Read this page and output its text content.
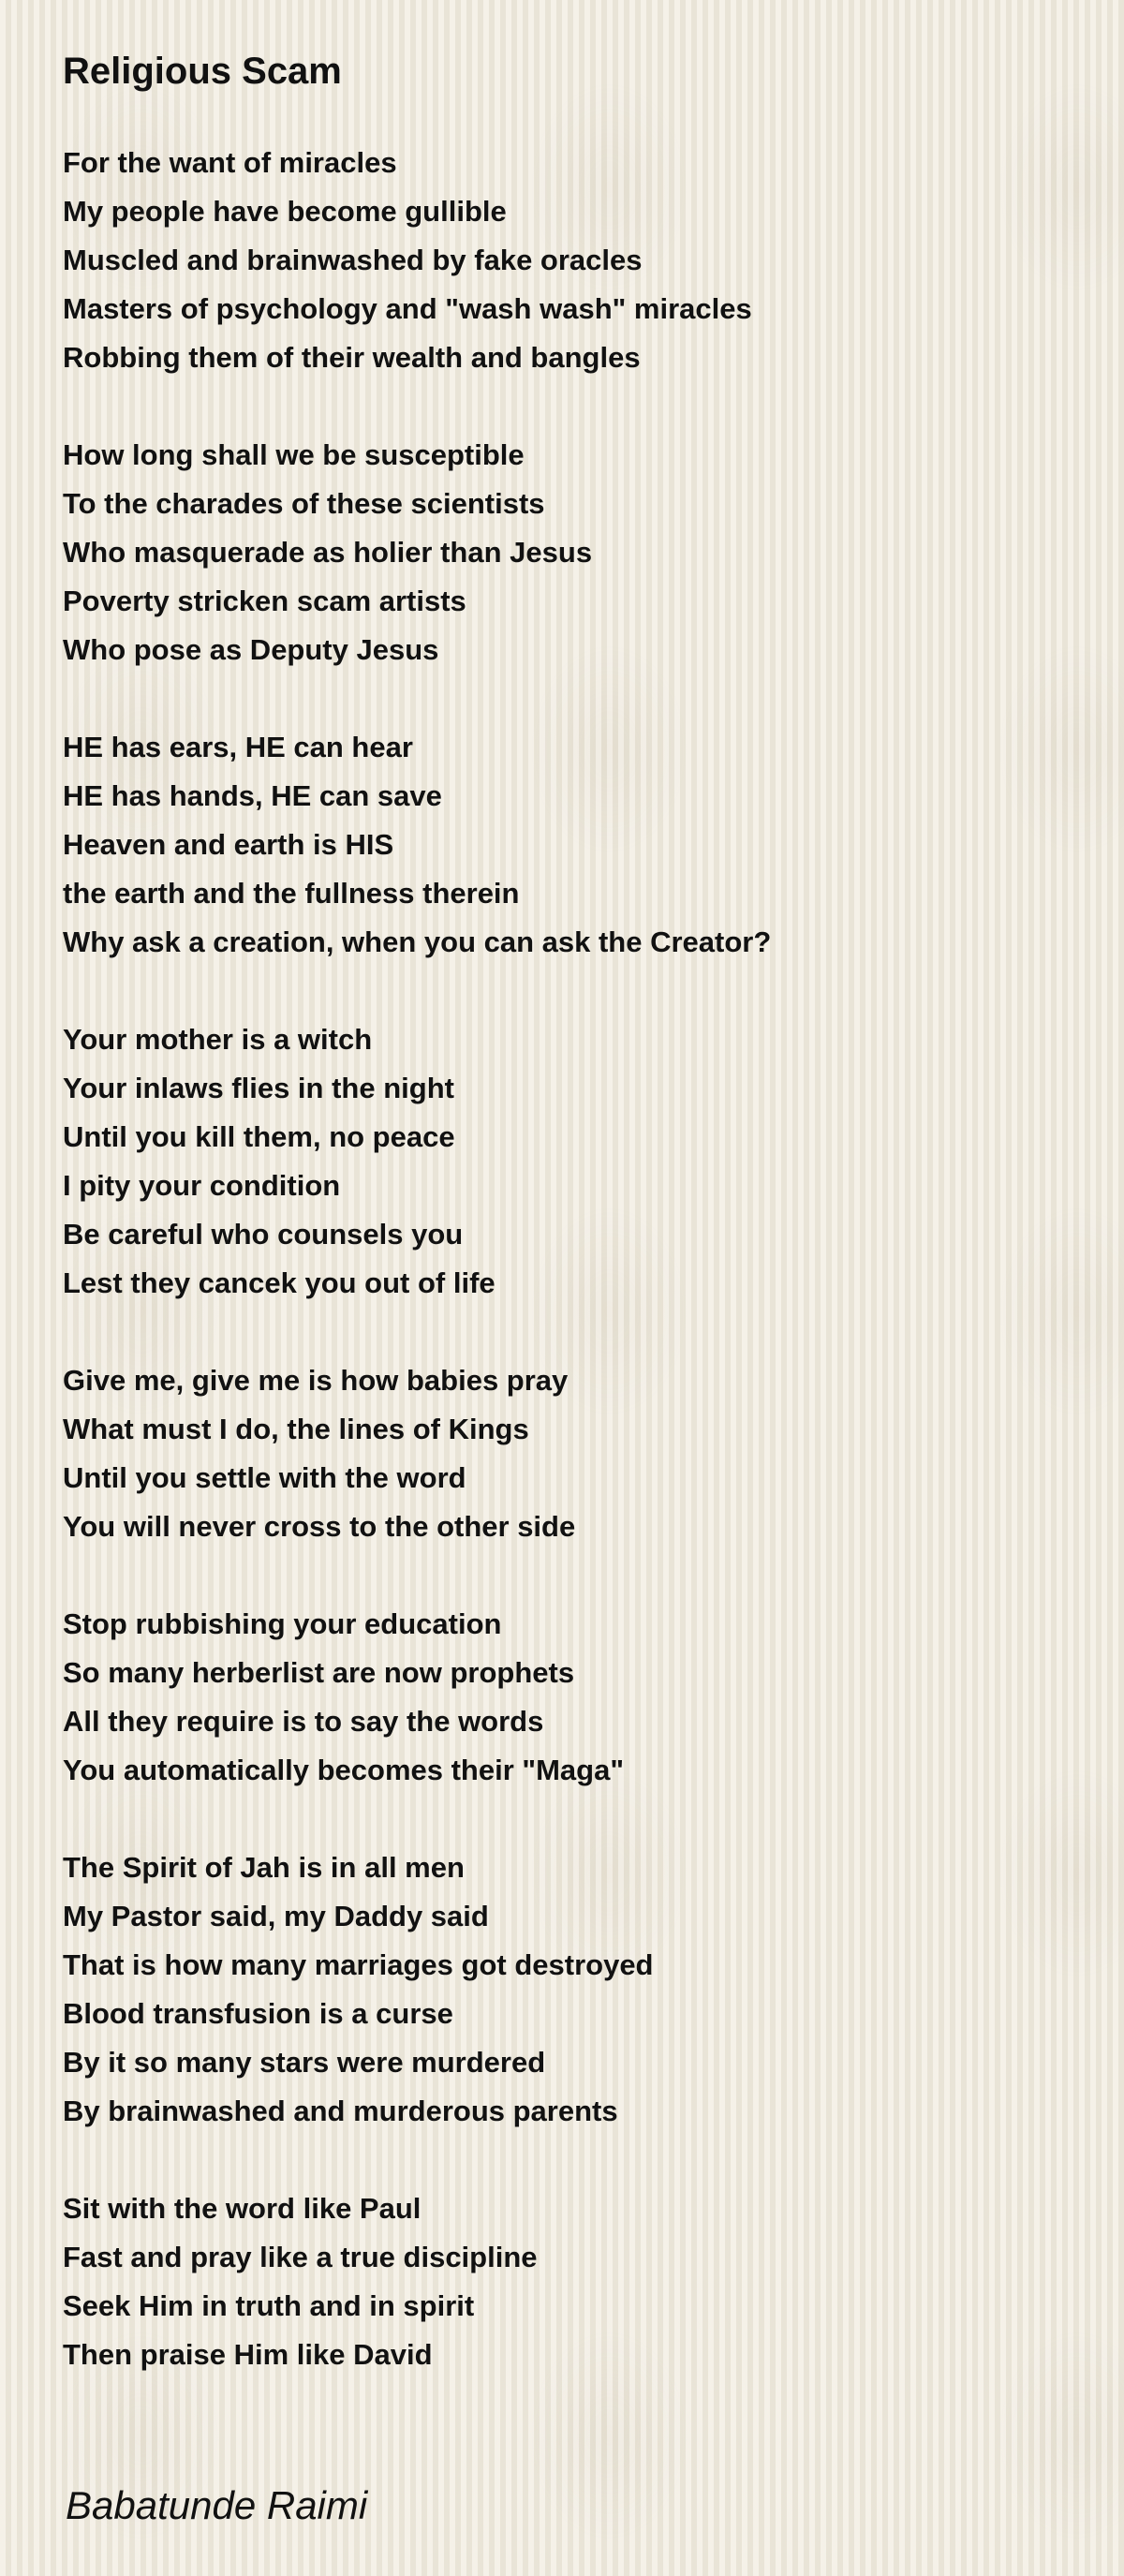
Religious Scam
For the want of miracles
My people have become gullible
Muscled and brainwashed by fake oracles
Masters of psychology and "wash wash" miracles
Robbing them of their wealth and bangles
How long shall we be susceptible
To the charades of these scientists
Who masquerade as holier than Jesus
Poverty stricken scam artists
Who pose as Deputy Jesus
HE has ears, HE can hear
HE has hands, HE can save
Heaven and earth is HIS
the earth and the fullness therein
Why ask a creation, when you can ask the Creator?
Your mother is a witch
Your inlaws flies in the night
Until you kill them, no peace
I pity your condition
Be careful who counsels you
Lest they cancek you out of life
Give me, give me is how babies pray
What must I do, the lines of Kings
Until you settle with the word
You will never cross to the other side
Stop rubbishing your education
So many herberlist are now prophets
All they require is to say the words
You automatically becomes their "Maga"
The Spirit of Jah is in all men
My Pastor said, my Daddy said
That is how many marriages got destroyed
Blood transfusion is a curse
By it so many stars were murdered
By brainwashed and murderous parents
Sit with the word like Paul
Fast and pray like a true discipline
Seek Him in truth and in spirit
Then praise Him like David
Babatunde Raimi
